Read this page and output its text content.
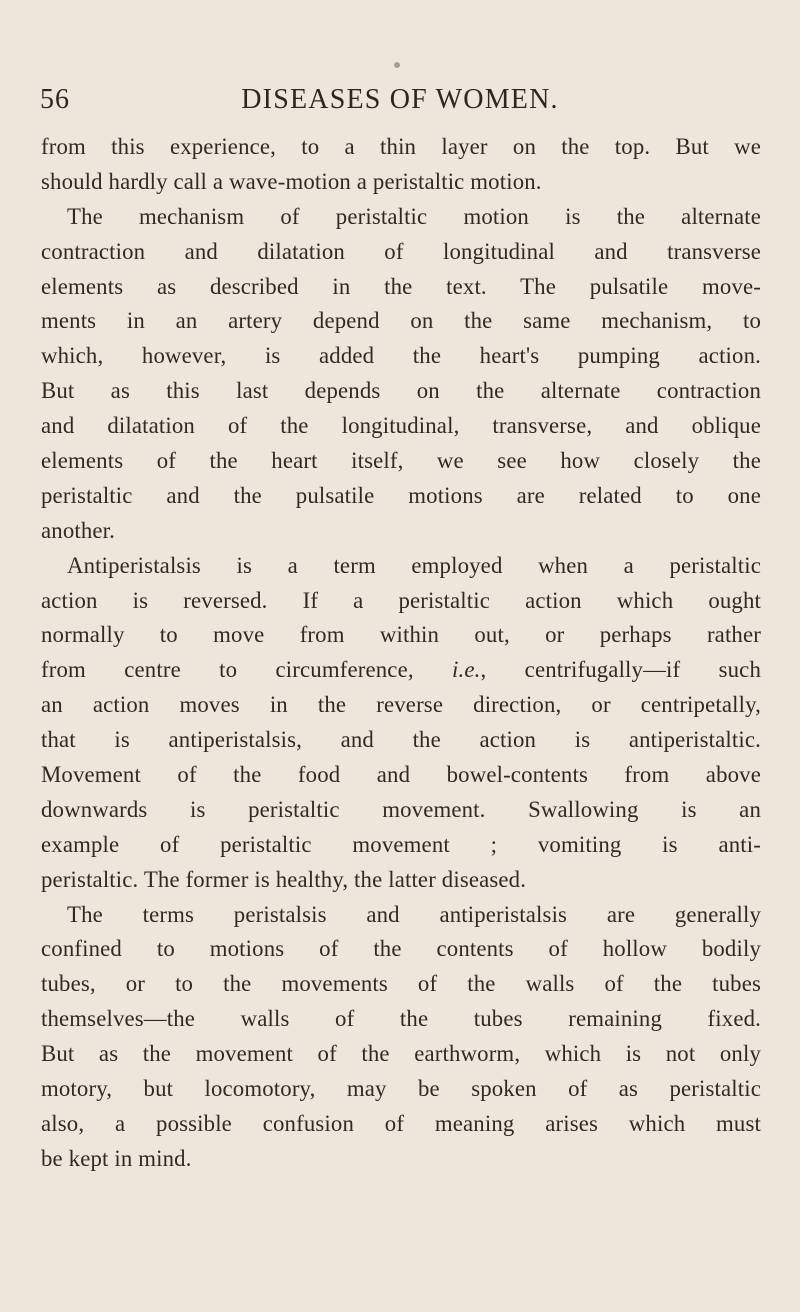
56	DISEASES OF WOMEN.
from this experience, to a thin layer on the top. But we
should hardly call a wave-motion a peristaltic motion.
The mechanism of peristaltic motion is the alternate
contraction and dilatation of longitudinal and transverse
elements as described in the text. The pulsatile move-
ments in an artery depend on the same mechanism, to
which, however, is added the heart's pumping action.
But as this last depends on the alternate contraction
and dilatation of the longitudinal, transverse, and oblique
elements of the heart itself, we see how closely the
peristaltic and the pulsatile motions are related to one
another.
Antiperistalsis is a term employed when a peristaltic
action is reversed. If a peristaltic action which ought
normally to move from within out, or perhaps rather
from centre to circumference, i.e., centrifugally—if such
an action moves in the reverse direction, or centripetally,
that is antiperistalsis, and the action is antiperistaltic.
Movement of the food and bowel-contents from above
downwards is peristaltic movement. Swallowing is an
example of peristaltic movement ; vomiting is anti-
peristaltic. The former is healthy, the latter diseased.
The terms peristalsis and antiperistalsis are generally
confined to motions of the contents of hollow bodily
tubes, or to the movements of the walls of the tubes
themselves—the walls of the tubes remaining fixed.
But as the movement of the earthworm, which is not only
motory, but locomotory, may be spoken of as peristaltic
also, a possible confusion of meaning arises which must
be kept in mind.
